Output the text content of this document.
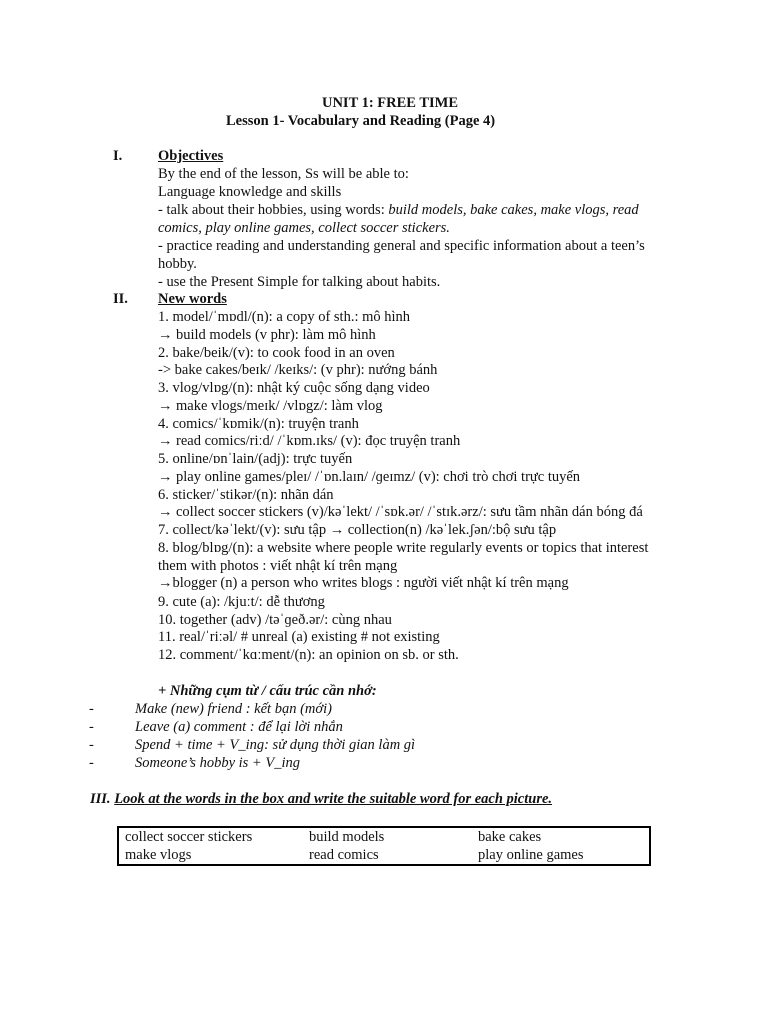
UNIT 1: FREE TIME
Lesson 1- Vocabulary and Reading (Page 4)
I. Objectives
By the end of the lesson, Ss will be able to:
Language knowledge and skills
- talk about their hobbies, using words: build models, bake cakes, make vlogs, read
comics, play online games, collect soccer stickers.
- practice reading and understanding general and specific information about a teen’s
hobby.
- use the Present Simple for talking about habits.
II. New words
1. model/ˈmɒdl/(n): a copy of sth.: mô hình
→ build models (v phr): làm mô hình
2. bake/beik/(v): to cook food in an oven
-> bake cakes/beɪk/ /keɪks/: (v phr): nướng bánh
3. vlog/vlɒg/(n): nhật ký cuộc sống dạng video
→ make vlogs/meɪk/ /vlɒgz/: làm vlog
4. comics/ˈkɒmik/(n): truyện tranh
→ read comics/riːd/ /ˈkɒm.ɪks/ (v): đọc truyện tranh
5. online/ɒnˈlain/(adj): trực tuyến
→ play online games/pleɪ/ /ˈɒn.laɪn/ /ɡeɪmz/ (v): chơi trò chơi trực tuyến
6. sticker/ˈstikər/(n): nhãn dán
→ collect soccer stickers (v)/kəˈlekt/ /ˈsɒk.ər/ /ˈstɪk.ərz/: sưu tầm nhãn dán bóng đá
7. collect/kəˈlekt/(v): sưu tập → collection(n) /kəˈlek.ʃən/:bộ sưu tập
8. blog/blɒg/(n): a website where people write regularly events or topics that interest
them with photos : viết nhật kí trên mạng
→blogger (n) a person who writes blogs : người viết nhật kí trên mạng
9. cute (a): /kjuːt/: dễ thương
10. together (adv) /təˈɡeð.ər/: cùng nhau
11. real/ˈriːəl/ # unreal (a) existing # not existing
12. comment/ˈkɑːment/(n): an opinion on sb. or sth.
+ Những cụm từ / cấu trúc cần nhớ:
-	Make (new) friend : kết bạn (mới)
-	Leave (a) comment : để lại lời nhắn
-	Spend + time + V_ing: sử dụng thời gian làm gì
-	Someone’s hobby is + V_ing
III. Look at the words in the box and write the suitable word for each picture.
collect soccer stickers	build models	bake cakes
make vlogs	read comics	play online games
